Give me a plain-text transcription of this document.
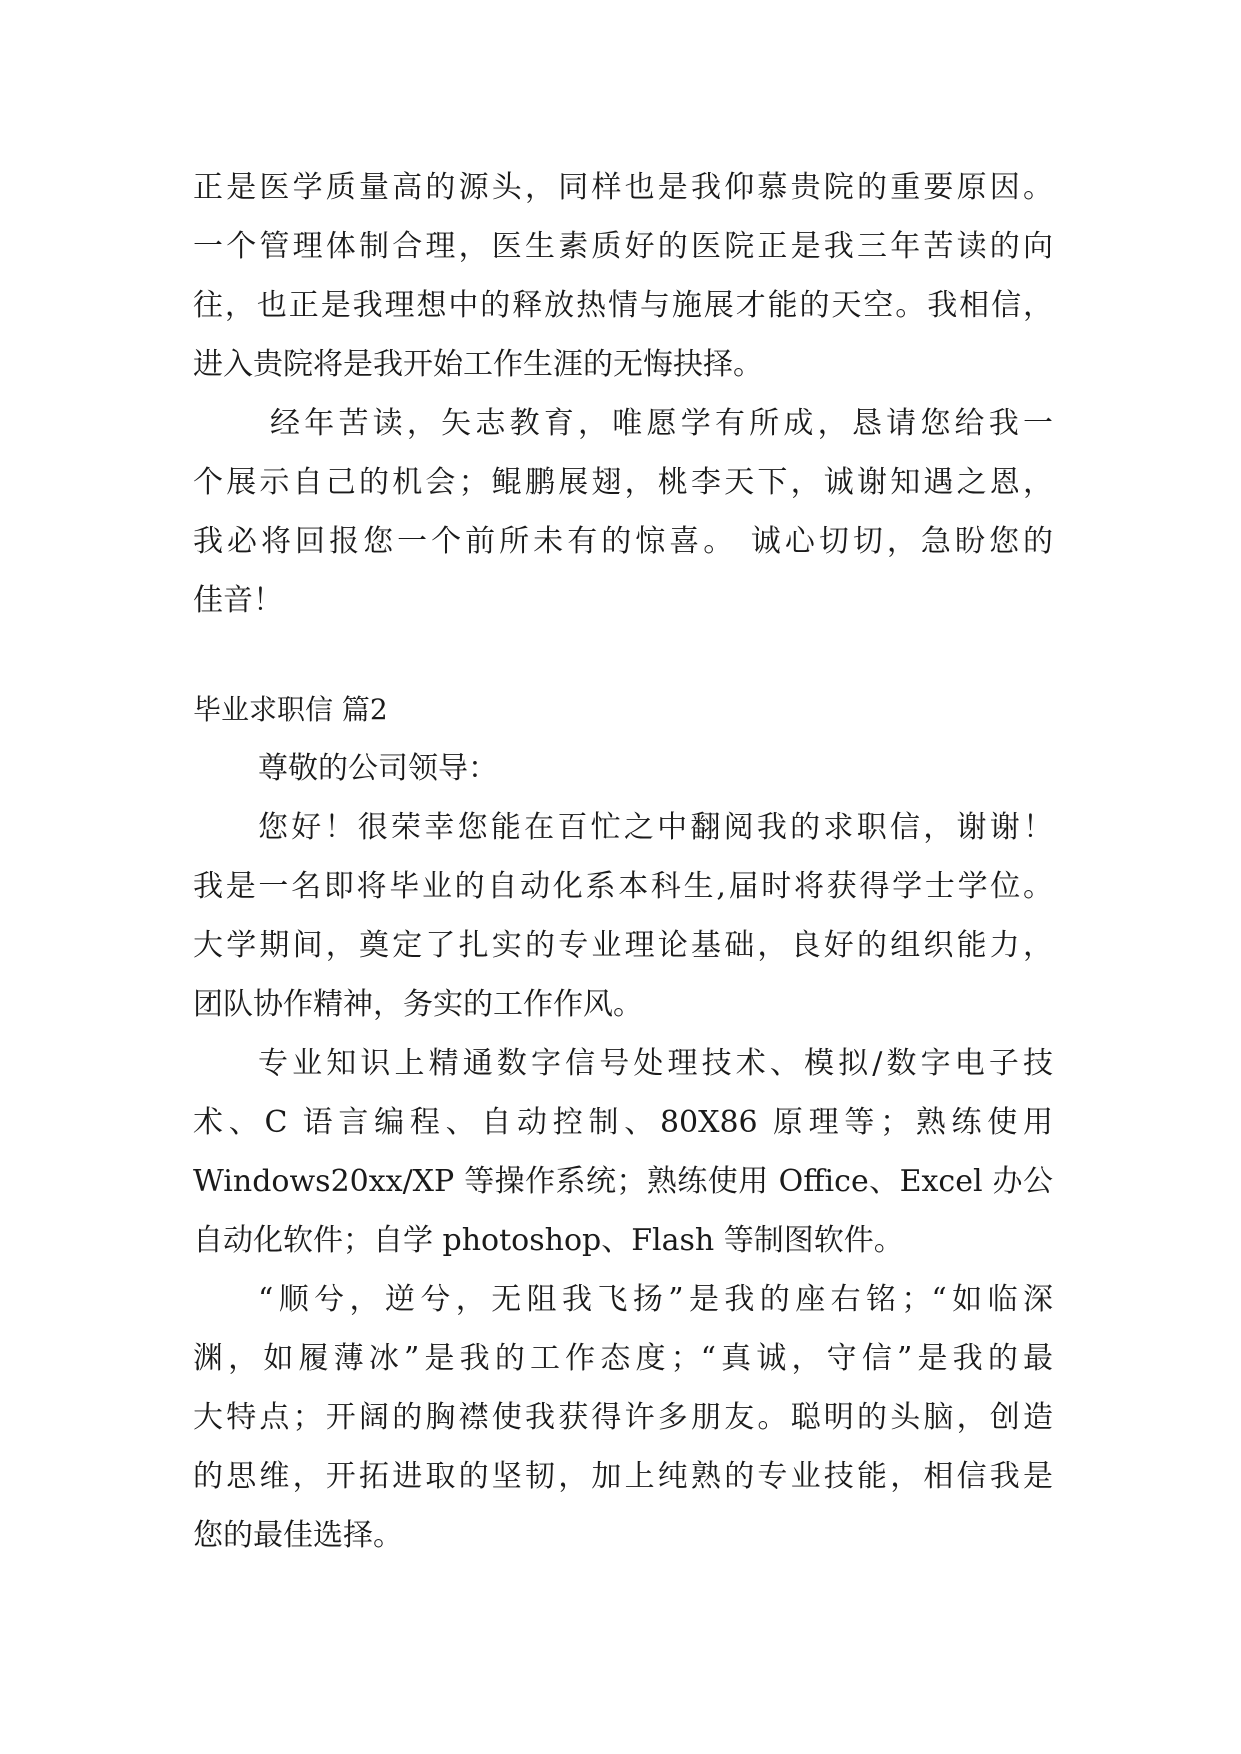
正是医学质量高的源头，同样也是我仰慕贵院的重要原因。
一个管理体制合理，医生素质好的医院正是我三年苦读的向
往，也正是我理想中的释放热情与施展才能的天空。我相信，
进入贵院将是我开始工作生涯的无悔抉择。
经年苦读，矢志教育，唯愿学有所成，恳请您给我一
个展示自己的机会；鲲鹏展翅，桃李天下，诚谢知遇之恩，
我必将回报您一个前所未有的惊喜。 诚心切切，急盼您的
佳音！
毕业求职信 篇2
尊敬的公司领导：
您好！很荣幸您能在百忙之中翻阅我的求职信，谢谢！
我是一名即将毕业的自动化系本科生,届时将获得学士学位。
大学期间，奠定了扎实的专业理论基础，良好的组织能力，
团队协作精神，务实的工作作风。
专业知识上精通数字信号处理技术、模拟/数字电子技
术、C 语言编程、自动控制、80X86 原理等；熟练使用
Windows20xx/XP 等操作系统；熟练使用 Office、Excel 办公
自动化软件；自学 photoshop、Flash 等制图软件。
“顺兮，逆兮，无阻我飞扬”是我的座右铭；“如临深
渊，如履薄冰”是我的工作态度；“真诚，守信”是我的最
大特点；开阔的胸襟使我获得许多朋友。聪明的头脑，创造
的思维，开拓进取的坚韧，加上纯熟的专业技能，相信我是
您的最佳选择。
